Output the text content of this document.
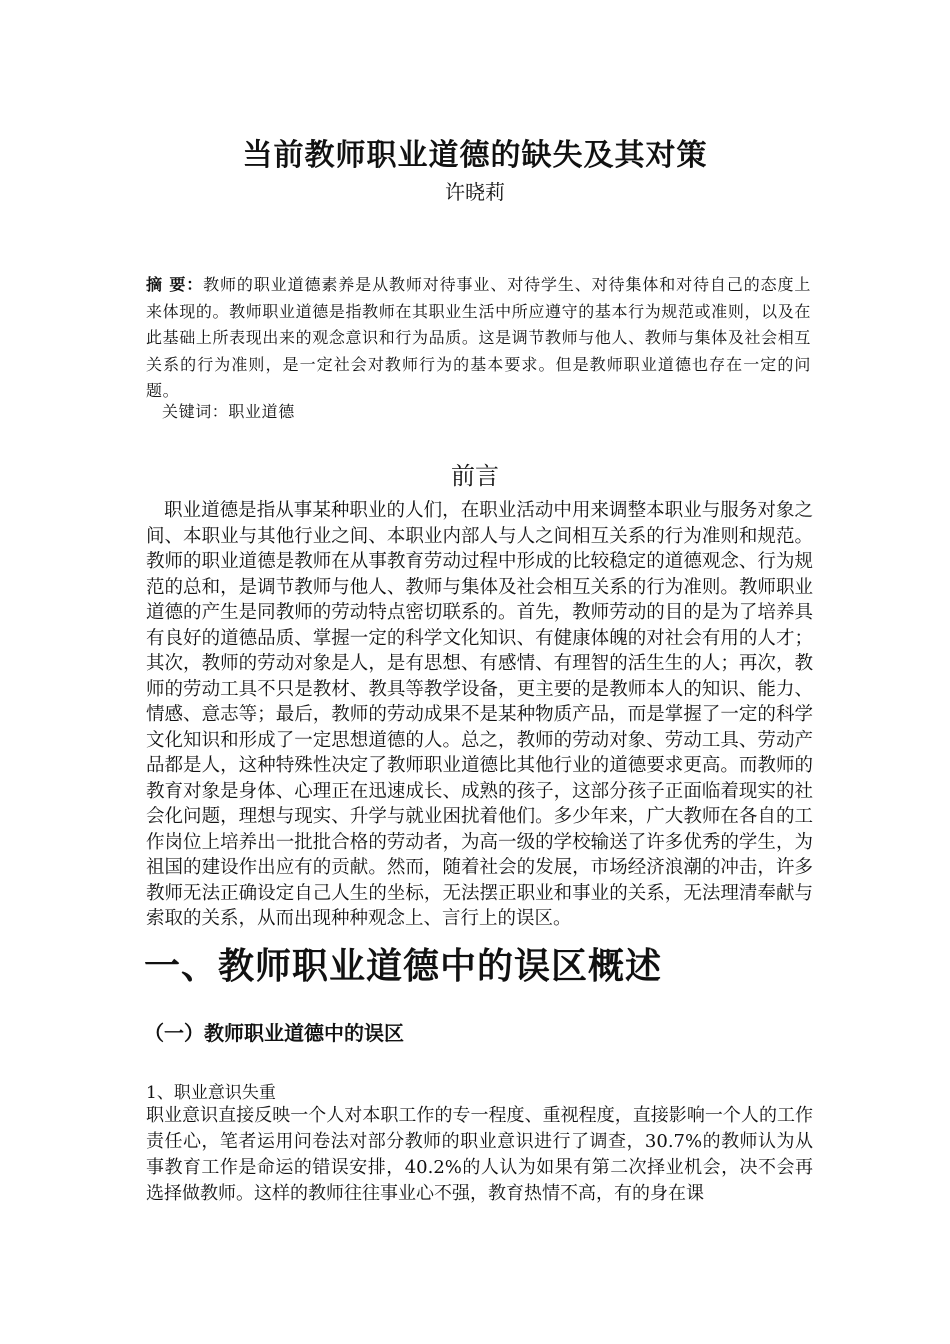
当前教师职业道德的缺失及其对策
许晓莉
摘 要：教师的职业道德素养是从教师对待事业、对待学生、对待集体和对待自己的态度上来体现的。教师职业道德是指教师在其职业生活中所应遵守的基本行为规范或准则，以及在此基础上所表现出来的观念意识和行为品质。这是调节教师与他人、教师与集体及社会相互关系的行为准则，是一定社会对教师行为的基本要求。但是教师职业道德也存在一定的问题。
关键词：职业道德
前言
职业道德是指从事某种职业的人们，在职业活动中用来调整本职业与服务对象之间、本职业与其他行业之间、本职业内部人与人之间相互关系的行为准则和规范。教师的职业道德是教师在从事教育劳动过程中形成的比较稳定的道德观念、行为规范的总和，是调节教师与他人、教师与集体及社会相互关系的行为准则。教师职业道德的产生是同教师的劳动特点密切联系的。首先，教师劳动的目的是为了培养具有良好的道德品质、掌握一定的科学文化知识、有健康体魄的对社会有用的人才；其次，教师的劳动对象是人，是有思想、有感情、有理智的活生生的人；再次，教师的劳动工具不只是教材、教具等教学设备，更主要的是教师本人的知识、能力、情感、意志等；最后，教师的劳动成果不是某种物质产品，而是掌握了一定的科学文化知识和形成了一定思想道德的人。总之，教师的劳动对象、劳动工具、劳动产品都是人，这种特殊性决定了教师职业道德比其他行业的道德要求更高。而教师的教育对象是身体、心理正在迅速成长、成熟的孩子，这部分孩子正面临着现实的社会化问题，理想与现实、升学与就业困扰着他们。多少年来，广大教师在各自的工作岗位上培养出一批批合格的劳动者，为高一级的学校输送了许多优秀的学生，为祖国的建设作出应有的贡献。然而，随着社会的发展，市场经济浪潮的冲击，许多教师无法正确设定自己人生的坐标，无法摆正职业和事业的关系，无法理清奉献与索取的关系，从而出现种种观念上、言行上的误区。
一、教师职业道德中的误区概述
（一）教师职业道德中的误区
1、职业意识失重
职业意识直接反映一个人对本职工作的专一程度、重视程度，直接影响一个人的工作责任心，笔者运用问卷法对部分教师的职业意识进行了调查，30.7%的教师认为从事教育工作是命运的错误安排，40.2%的人认为如果有第二次择业机会，决不会再选择做教师。这样的教师往往事业心不强，教育热情不高，有的身在课
